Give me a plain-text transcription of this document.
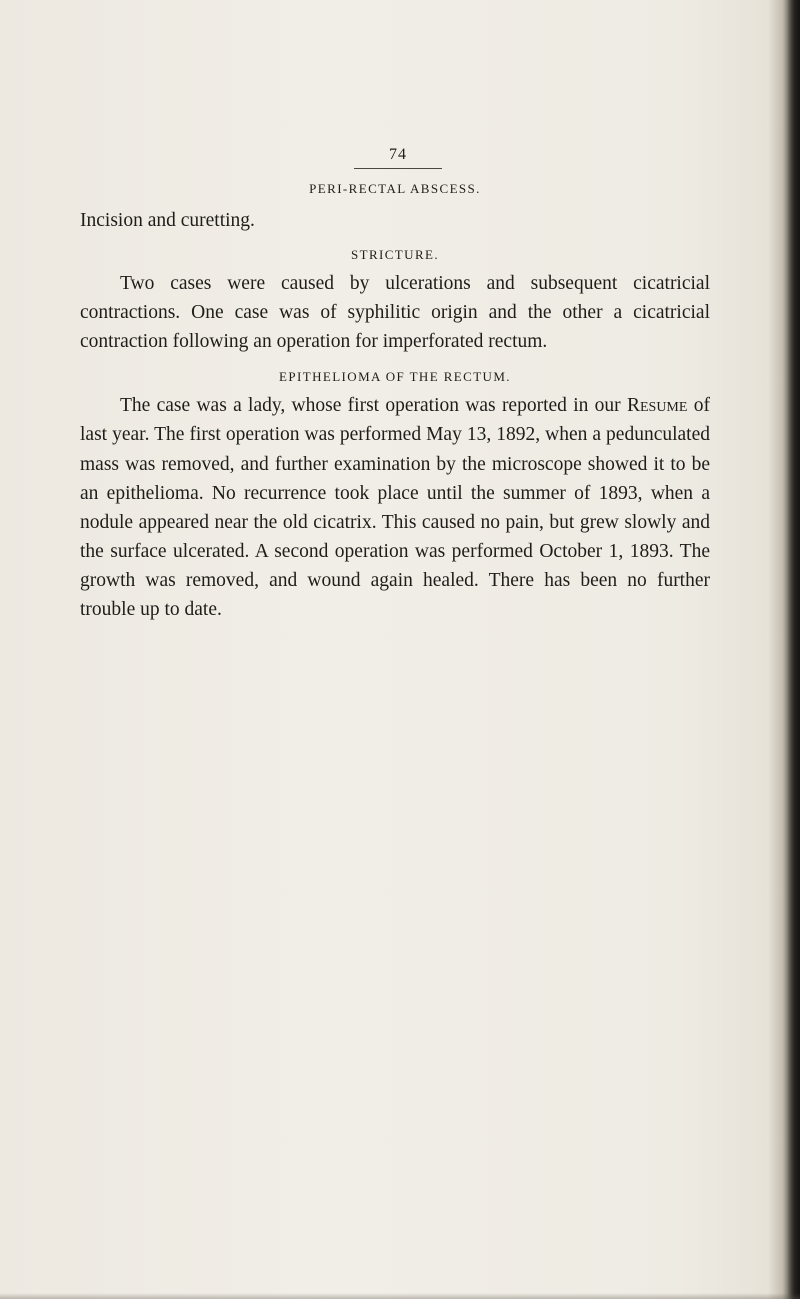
74
PERI-RECTAL ABSCESS.

Incision and curetting.

STRICTURE.

Two cases were caused by ulcerations and subsequent cicatricial contractions. One case was of syphilitic origin and the other a cicatricial contraction following an operation for imperforated rectum.

EPITHELIOMA OF THE RECTUM.

The case was a lady, whose first operation was reported in our Resume of last year. The first operation was performed May 13, 1892, when a pedunculated mass was removed, and further examination by the microscope showed it to be an epithelioma. No recurrence took place until the summer of 1893, when a nodule appeared near the old cicatrix. This caused no pain, but grew slowly and the surface ulcerated. A second operation was performed October 1, 1893. The growth was removed, and wound again healed. There has been no further trouble up to date.
